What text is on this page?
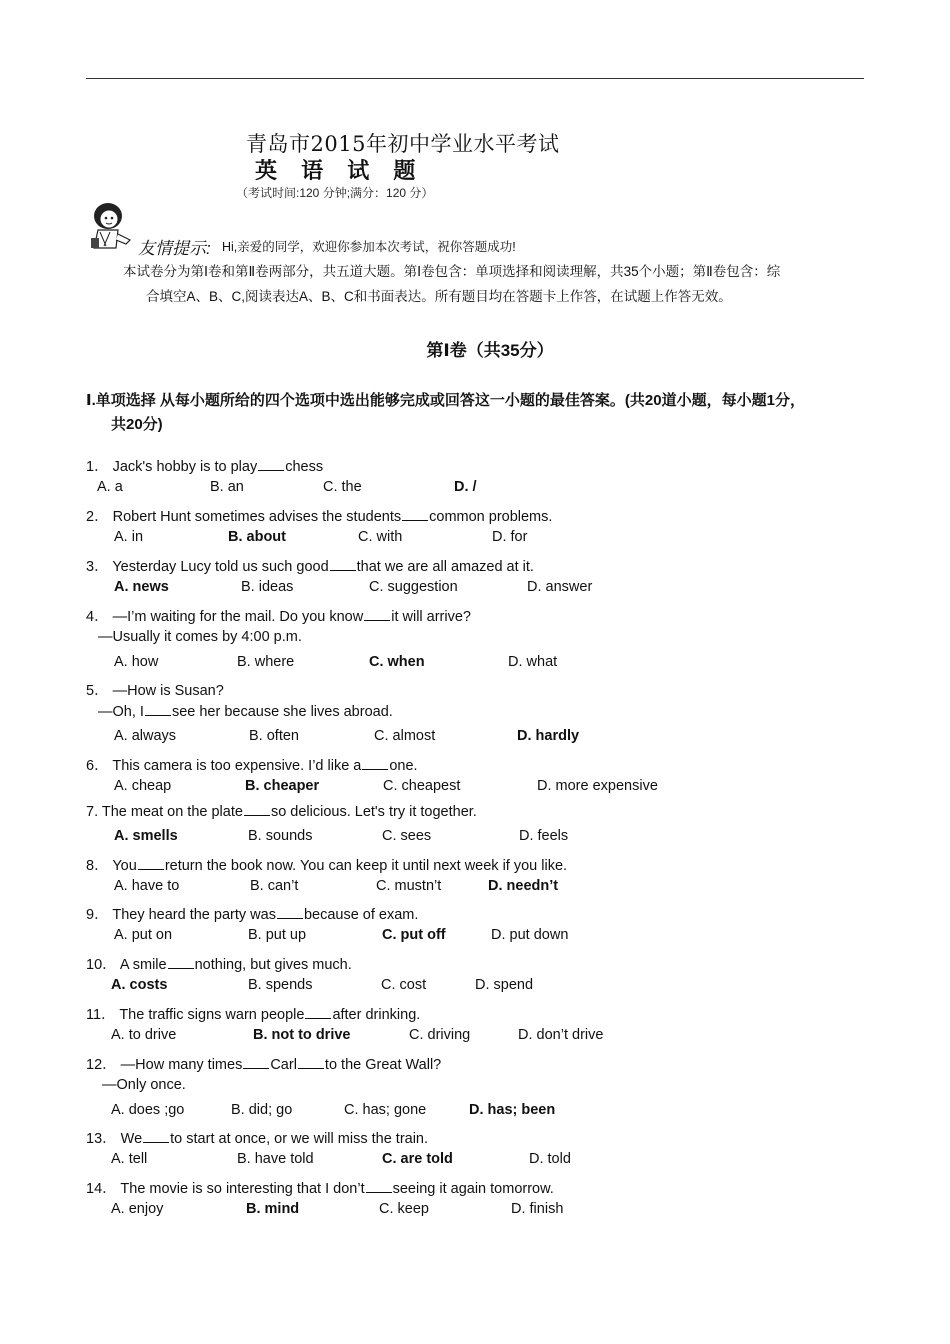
青岛市2015年初中学业水平考试
英 语 试 题
（考试时间:120 分钟;满分：120 分）
友情提示: Hi,亲爱的同学，欢迎你参加本次考试，祝你答题成功!
本试卷分为第Ⅰ卷和第Ⅱ卷两部分，共五道大题。第Ⅰ卷包含：单项选择和阅读理解，共35个小题；第Ⅱ卷包含：综
合填空A、B、C,阅读表达A、B、C和书面表达。所有题目均在答题卡上作答，在试题上作答无效。
第Ⅰ卷（共35分）
Ⅰ.单项选择 从每小题所给的四个选项中选出能够完成或回答这一小题的最佳答案。(共20道小题，每小题1分，
共20分)
1． Jack's hobby is to play chess
A. a	B. an	C. the	D. /
2． Robert Hunt sometimes advises the students common problems.
A. in	B. about	C. with	D. for
3． Yesterday Lucy told us such good that we are all amazed at it.
A. news	B. ideas	C. suggestion	D. answer
4． —I’m waiting for the mail. Do you know it will arrive?
—Usually it comes by 4:00 p.m.
A. how	B. where	C. when	D. what
5． —How is Susan?
—Oh, I see her because she lives abroad.
A. always	B. often	C. almost	D. hardly
6． This camera is too expensive. I’d like a one.
A. cheap	B. cheaper	C. cheapest	D. more expensive
7. The meat on the plate so delicious. Let's try it together.
A. smells	B. sounds	C. sees	D. feels
8． You return the book now. You can keep it until next week if you like.
A. have to	B. can’t	C. mustn’t	D. needn’t
9． They heard the party was because of exam.
A. put on	B. put up	C. put off	D. put down
10． A smile nothing, but gives much.
A. costs	B. spends	C. cost	D. spend
11． The traffic signs warn people after drinking.
A. to drive	B. not to drive	C. driving	D. don’t drive
12． —How many times Carl to the Great Wall?
—Only once.
A. does ;go	B. did; go	C. has; gone	D. has; been
13． We to start at once, or we will miss the train.
A. tell	B. have told	C. are told	D. told
14． The movie is so interesting that I don’t seeing it again tomorrow.
A. enjoy	B. mind	C. keep	D. finish
